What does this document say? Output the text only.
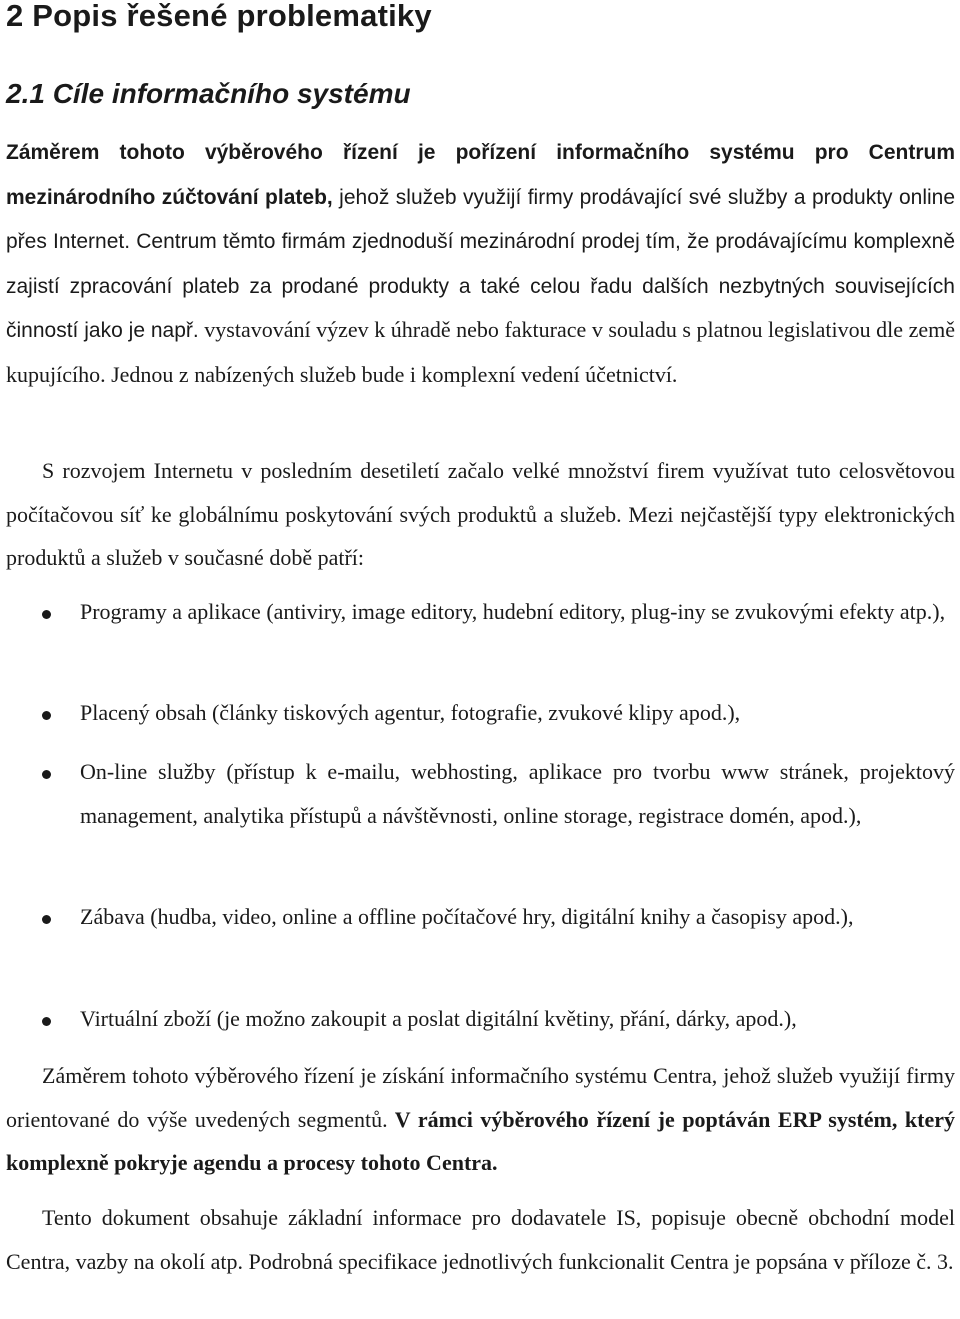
2 Popis řešené problematiky
2.1 Cíle informačního systému

Záměrem tohoto výběrového řízení je pořízení informačního systému pro Centrum mezinárodního zúčtování plateb, jehož služeb využijí firmy prodávající své služby a produkty online přes Internet. Centrum těmto firmám zjednoduší mezinárodní prodej tím, že prodávajícímu komplexně zajistí zpracování plateb za prodané produkty a také celou řadu dalších nezbytných souvisejících činností jako je např. vystavování výzev k úhradě nebo fakturace v souladu s platnou legislativou dle země kupujícího. Jednou z nabízených služeb bude i komplexní vedení účetnictví.

S rozvojem Internetu v posledním desetiletí začalo velké množství firem využívat tuto celosvětovou počítačovou síť ke globálnímu poskytování svých produktů a služeb. Mezi nejčastější typy elektronických produktů a služeb v současné době patří:

Programy a aplikace (antiviry, image editory, hudební editory, plug-iny se zvukovými efekty atp.),

Placený obsah (články tiskových agentur, fotografie, zvukové klipy apod.),

On-line služby (přístup k e-mailu, webhosting, aplikace pro tvorbu www stránek, projektový management, analytika přístupů a návštěvnosti, online storage, registrace domén, apod.),

Zábava (hudba, video, online a offline počítačové hry, digitální knihy a časopisy apod.),

Virtuální zboží (je možno zakoupit a poslat digitální květiny, přání, dárky, apod.),

Záměrem tohoto výběrového řízení je získání informačního systému Centra, jehož služeb využijí firmy orientované do výše uvedených segmentů. V rámci výběrového řízení je poptáván ERP systém, který komplexně pokryje agendu a procesy tohoto Centra.

Tento dokument obsahuje základní informace pro dodavatele IS, popisuje obecně obchodní model Centra, vazby na okolí atp. Podrobná specifikace jednotlivých funkcionalit Centra je popsána v příloze č. 3.
